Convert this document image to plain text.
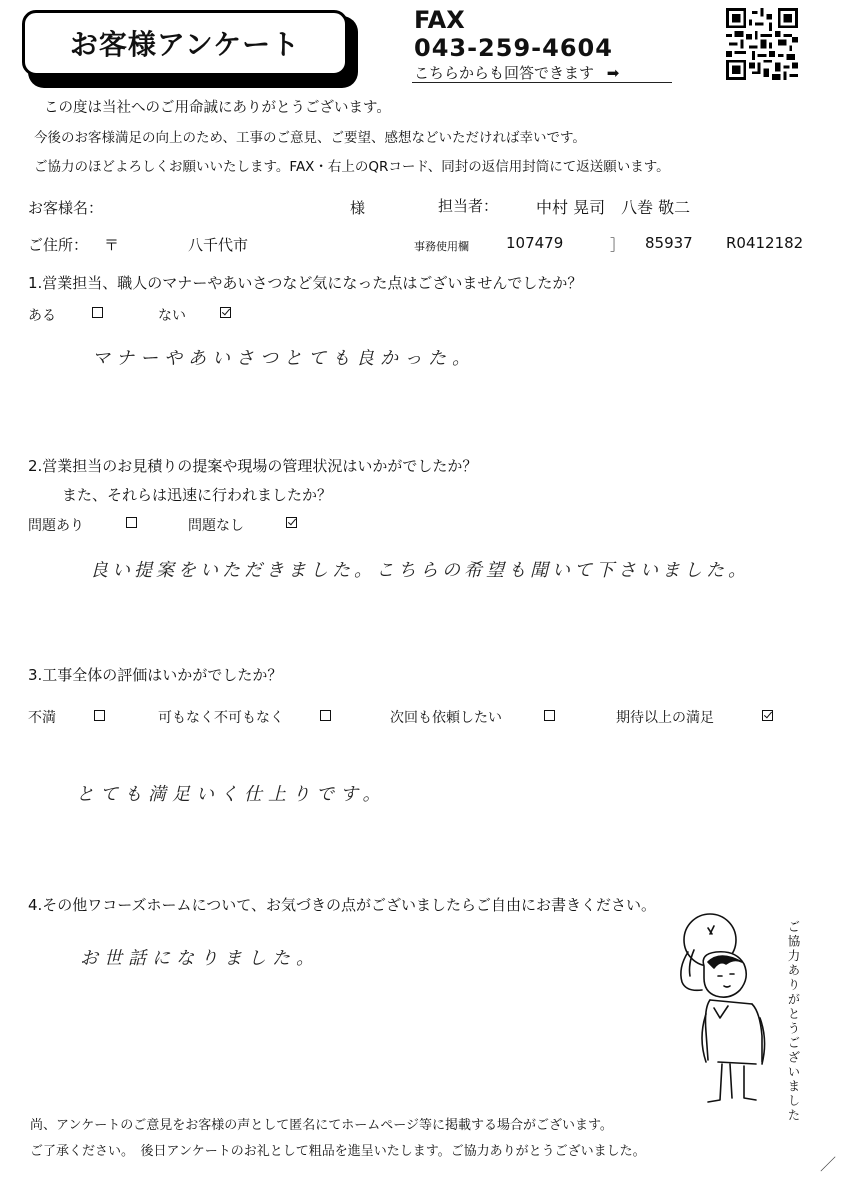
お客様アンケート
FAX
043-259-4604
こちらからも回答できます ➡
この度は当社へのご用命誠にありがとうございます。
今後のお客様満足の向上のため、工事のご意見、ご要望、感想などいただければ幸いです。
ご協力のほどよろしくお願いいたします。FAX・右上のQRコード、同封の返信用封筒にて返送願います。
お客様名：	様	担当者： 中村 晃司　八巻 敬二
ご住所： 〒	八千代市	事務使用欄 107479	］ 85937 R0412182
1.営業担当、職人のマナーやあいさつなど気になった点はございませんでしたか？
ある	ない
マナーやあいさつとても良かった。
2.営業担当のお見積りの提案や現場の管理状況はいかがでしたか？
また、それらは迅速に行われましたか？
問題あり	問題なし
良い提案をいただきました。こちらの希望も聞いて下さいました。
3.工事全体の評価はいかがでしたか？
不満	可もなく不可もなく	次回も依頼したい	期待以上の満足
とても満足いく仕上りです。
4.その他ワコーズホームについて、お気づきの点がございましたらご自由にお書きください。
お世話になりました。	ご協力ありがとうございました
尚、アンケートのご意見をお客様の声として匿名にてホームページ等に掲載する場合がございます。
ご了承ください。　後日アンケートのお礼として粗品を進呈いたします。ご協力ありがとうございました。
／
